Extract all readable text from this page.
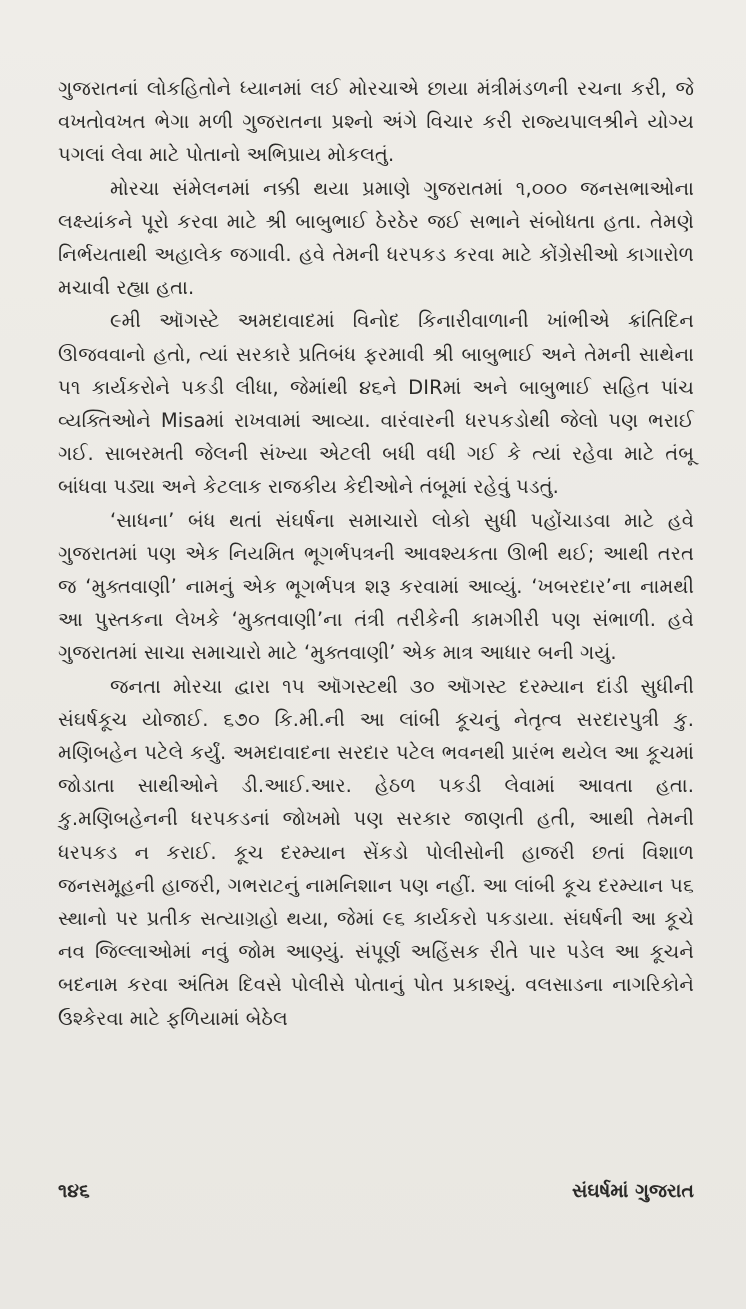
ગુજરાતનાં લોકહિતોને ધ્યાનમાં લઈ મોરચાએ છાયા મંત્રીમંડળની રચના કરી, જે વખતોવખત ભેગા મળી ગુજરાતના પ્રશ્નો અંગે વિચાર કરી રાજ્યપાલશ્રીને યોગ્ય પગલાં લેવા માટે પોતાનો અભિપ્રાય મોકલતું.

મોરચા સંમેલનમાં નક્કી થયા પ્રમાણે ગુજરાતમાં ૧,૦૦૦ જનસભાઓના લક્ષ્યાંકને પૂરો કરવા માટે શ્રી બાબુભાઈ ઠેરઠેર જઈ સભાને સંબોધતા હતા. તેમણે નિર્ભયતાથી અહાલેક જગાવી. હવે તેમની ધરપકડ કરવા માટે કોંગ્રેસીઓ કાગારોળ મચાવી રહ્યા હતા.

૯મી ઑગસ્ટે અમદાવાદમાં વિનોદ કિનારીવાળાની ખાંભીએ ક્રાંતિદિન ઊજવવાનો હતો, ત્યાં સરકારે પ્રતિબંધ ફરમાવી શ્રી બાબુભાઈ અને તેમની સાથેના ૫૧ કાર્યકરોને પકડી લીધા, જેમાંથી ૪૬ને DIRમાં અને બાબુભાઈ સહિત પાંચ વ્યક્તિઓને Misaમાં રાખવામાં આવ્યા. વારંવારની ધરપકડોથી જેલો પણ ભરાઈ ગઈ. સાબરમતી જેલની સંખ્યા એટલી બધી વધી ગઈ કે ત્યાં રહેવા માટે તંબૂ બાંધવા પડ્યા અને કેટલાક રાજકીય કેદીઓને તંબૂમાં રહેવું પડતું.

‘સાધના’ બંધ થતાં સંઘર્ષના સમાચારો લોકો સુધી પહોંચાડવા માટે હવે ગુજરાતમાં પણ એક નિયમિત ભૂગર્ભપત્રની આવશ્યકતા ઊભી થઈ; આથી તરત જ ‘મુક્તવાણી’ નામનું એક ભૂગર્ભપત્ર શરૂ કરવામાં આવ્યું. ‘ખબરદાર’ના નામથી આ પુસ્તકના લેખકે ‘મુક્તવાણી’ના તંત્રી તરીકેની કામગીરી પણ સંભાળી. હવે ગુજરાતમાં સાચા સમાચારો માટે ‘મુક્તવાણી’ એક માત્ર આધાર બની ગયું.

જનતા મોરચા દ્વારા ૧૫ ઑગસ્ટથી ૩૦ ઑગસ્ટ દરમ્યાન દાંડી સુધીની સંઘર્ષકૂચ યોજાઈ. ૬૭૦ કિ.મી.ની આ લાંબી કૂચનું નેતૃત્વ સરદારપુત્રી કુ. મણિબહેન પટેલે કર્યું. અમદાવાદના સરદાર પટેલ ભવનથી પ્રારંભ થયેલ આ કૂચમાં જોડાતા સાથીઓને ડી.આઈ.આર. હેઠળ પકડી લેવામાં આવતા હતા. કુ.મણિબહેનની ધરપકડનાં જોખમો પણ સરકાર જાણતી હતી, આથી તેમની ધરપકડ ન કરાઈ. કૂચ દરમ્યાન સેંકડો પોલીસોની હાજરી છતાં વિશાળ જનસમૂહની હાજરી, ગભરાટનું નામનિશાન પણ નહીં. આ લાંબી કૂચ દરમ્યાન ૫૬ સ્થાનો પર પ્રતીક સત્યાગ્રહો થયા, જેમાં ૯૬ કાર્યકરો પકડાયા. સંઘર્ષની આ કૂચે નવ જિલ્લાઓમાં નવું જોમ આણ્યું. સંપૂર્ણ અહિંસક રીતે પાર પડેલ આ કૂચને બદનામ કરવા અંતિમ દિવસે પોલીસે પોતાનું પોત પ્રકાશ્યું. વલસાડના નાગરિકોને ઉશ્કેરવા માટે ફળિયામાં બેઠેલ

૧૪૬	સંઘર્ષમાં ગુજરાત
